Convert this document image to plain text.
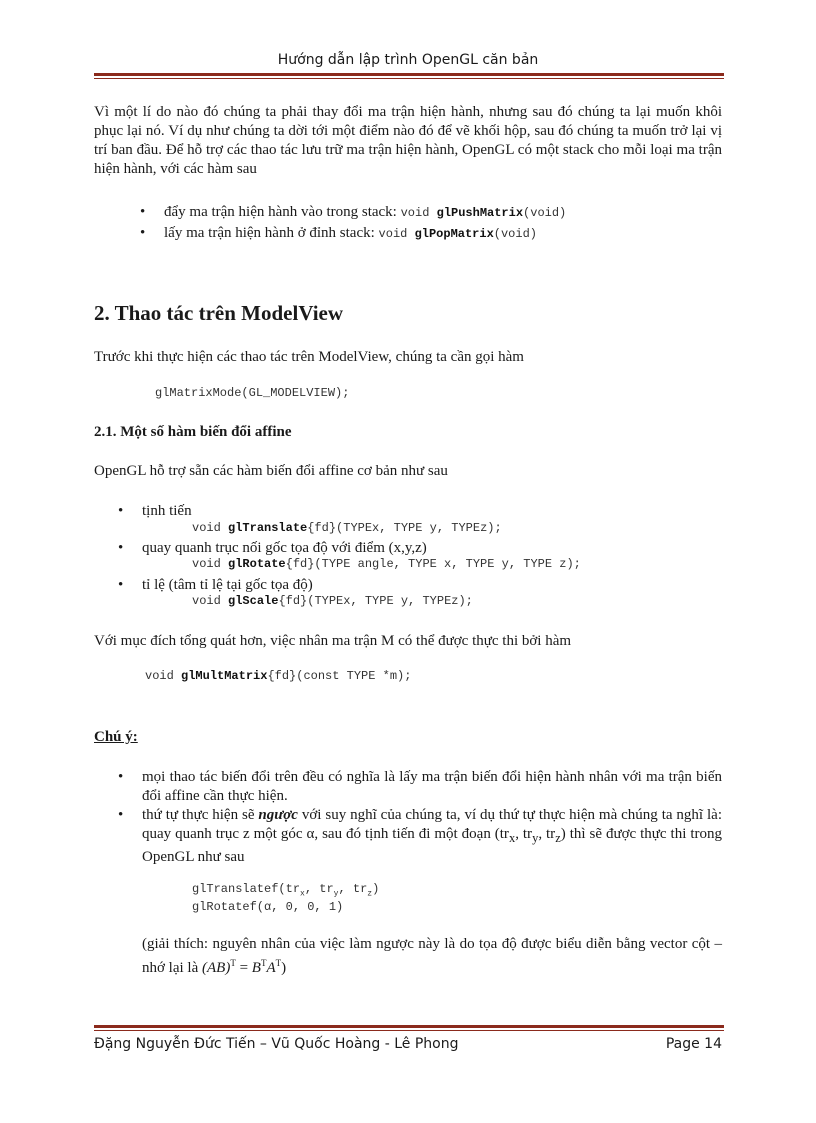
Hướng dẫn lập trình OpenGL căn bản
Vì một lí do nào đó chúng ta phải thay đổi ma trận hiện hành, nhưng sau đó chúng ta lại muốn khôi phục lại nó. Ví dụ như chúng ta dời tới một điểm nào đó để vẽ khối hộp, sau đó chúng ta muốn trở lại vị trí ban đầu. Để hỗ trợ các thao tác lưu trữ ma trận hiện hành, OpenGL có một stack cho mỗi loại ma trận hiện hành, với các hàm sau
• đẩy ma trận hiện hành vào trong stack: void glPushMatrix(void)
• lấy ma trận hiện hành ở đỉnh stack: void glPopMatrix(void)
2. Thao tác trên ModelView
Trước khi thực hiện các thao tác trên ModelView, chúng ta cần gọi hàm
glMatrixMode(GL_MODELVIEW);
2.1. Một số hàm biến đổi affine
OpenGL hỗ trợ sẵn các hàm biến đổi affine cơ bản như sau
• tịnh tiến
void glTranslate{fd}(TYPEx, TYPE y, TYPEz);
• quay quanh trục nối gốc tọa độ với điểm (x,y,z)
void glRotate{fd}(TYPE angle, TYPE x, TYPE y, TYPE z);
• tỉ lệ (tâm tỉ lệ tại gốc tọa độ)
void glScale{fd}(TYPEx, TYPE y, TYPEz);
Với mục đích tổng quát hơn, việc nhân ma trận M có thể được thực thi bởi hàm
void glMultMatrix{fd}(const TYPE *m);
Chú ý:
• mọi thao tác biến đổi trên đều có nghĩa là lấy ma trận biến đổi hiện hành nhân với ma trận biến đổi affine cần thực hiện.
• thứ tự thực hiện sẽ ngược với suy nghĩ của chúng ta, ví dụ thứ tự thực hiện mà chúng ta nghĩ là: quay quanh trục z một góc α, sau đó tịnh tiến đi một đoạn ($tr_x$, $tr_y$, $tr_z$) thì sẽ được thực thi trong OpenGL như sau
$glTranslatef(tr_x$, $tr_y$, $tr_z$)
glRotatef(α, 0, 0, 1)
(giải thích: nguyên nhân của việc làm ngược này là do tọa độ được biểu diễn bằng vector cột – nhớ lại là $(AB)^T = B^TA^T$)
Đặng Nguyễn Đức Tiến – Vũ Quốc Hoàng - Lê Phong	Page 14
